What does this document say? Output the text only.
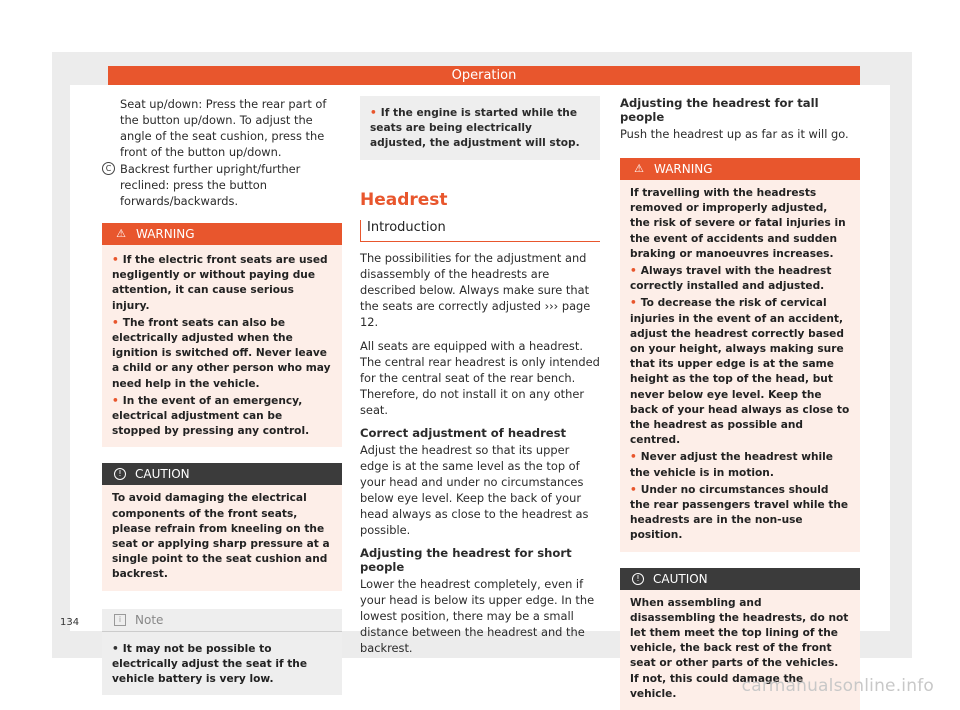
Operation

Seat up/down: Press the rear part of the button up/down. To adjust the angle of the seat cushion, press the front of the button up/down.

C Backrest further upright/further reclined: press the button forwards/backwards.

⚠ WARNING

• If the electric front seats are used negligently or without paying due attention, it can cause serious injury.

• The front seats can also be electrically adjusted when the ignition is switched off. Never leave a child or any other person who may need help in the vehicle.

• In the event of an emergency, electrical adjustment can be stopped by pressing any control.

!	CAUTION

To avoid damaging the electrical components of the front seats, please refrain from kneeling on the seat or applying sharp pressure at a single point to the seat cushion and backrest.

i	Note

• It may not be possible to electrically adjust the seat if the vehicle battery is very low.

• If the engine is started while the seats are being electrically adjusted, the adjustment will stop.

Headrest
Introduction

The possibilities for the adjustment and disassembly of the headrests are described below. Always make sure that the seats are correctly adjusted ››› page 12.

All seats are equipped with a headrest. The central rear headrest is only intended for the central seat of the rear bench. Therefore, do not install it on any other seat.

Correct adjustment of headrest

Adjust the headrest so that its upper edge is at the same level as the top of your head and under no circumstances below eye level. Keep the back of your head always as close to the headrest as possible.

Adjusting the headrest for short people

Lower the headrest completely, even if your head is below its upper edge. In the lowest position, there may be a small distance between the headrest and the backrest.

Adjusting the headrest for tall people

Push the headrest up as far as it will go.

⚠ WARNING

If travelling with the headrests removed or improperly adjusted, the risk of severe or fatal injuries in the event of accidents and sudden braking or manoeuvres increases.

• Always travel with the headrest correctly installed and adjusted.

• To decrease the risk of cervical injuries in the event of an accident, adjust the headrest correctly based on your height, always making sure that its upper edge is at the same height as the top of the head, but never below eye level. Keep the back of your head always as close to the headrest as possible and centred.

• Never adjust the headrest while the vehicle is in motion.

• Under no circumstances should the rear passengers travel while the headrests are in the non-use position.

!	CAUTION

When assembling and disassembling the headrests, do not let them meet the top lining of the vehicle, the back rest of the front seat or other parts of the vehicles. If not, this could damage the vehicle.

134
carmanualsonline.info
